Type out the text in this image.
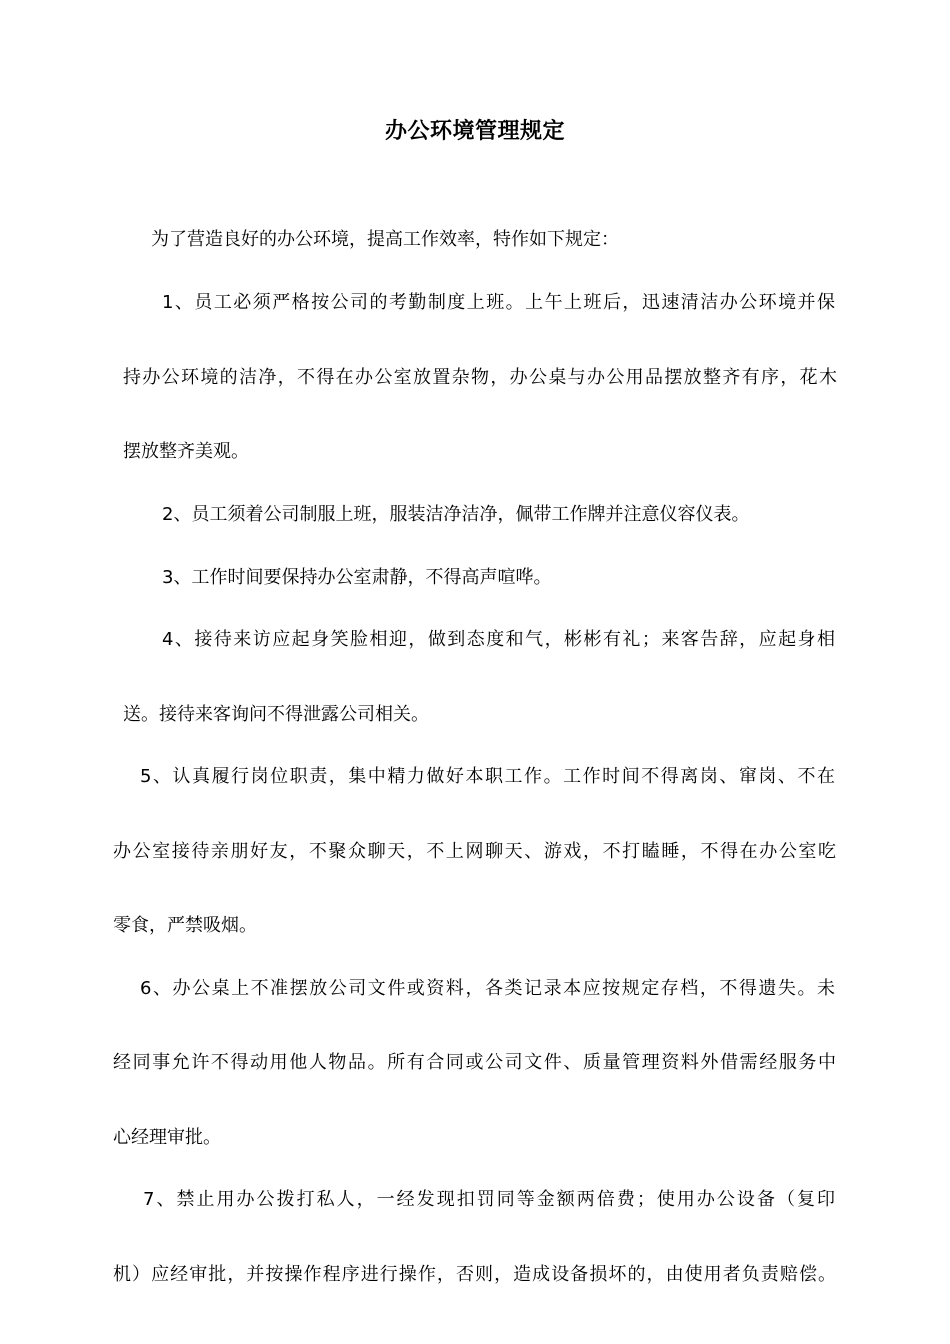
办公环境管理规定
为了营造良好的办公环境，提高工作效率，特作如下规定：
1、员工必须严格按公司的考勤制度上班。上午上班后，迅速清洁办公环境并保
持办公环境的洁净，不得在办公室放置杂物，办公桌与办公用品摆放整齐有序，花木
摆放整齐美观。
2、员工须着公司制服上班，服装洁净洁净，佩带工作牌并注意仪容仪表。
3、工作时间要保持办公室肃静，不得高声喧哗。
4、接待来访应起身笑脸相迎，做到态度和气，彬彬有礼；来客告辞，应起身相
送。接待来客询问不得泄露公司相关。
5、认真履行岗位职责，集中精力做好本职工作。工作时间不得离岗、窜岗、不在
办公室接待亲朋好友，不聚众聊天，不上网聊天、游戏，不打瞌睡，不得在办公室吃
零食，严禁吸烟。
6、办公桌上不准摆放公司文件或资料，各类记录本应按规定存档，不得遗失。未
经同事允许不得动用他人物品。所有合同或公司文件、质量管理资料外借需经服务中
心经理审批。
7、禁止用办公拨打私人，一经发现扣罚同等金额两倍费；使用办公设备（复印
机）应经审批，并按操作程序进行操作，否则，造成设备损坏的，由使用者负责赔偿。
